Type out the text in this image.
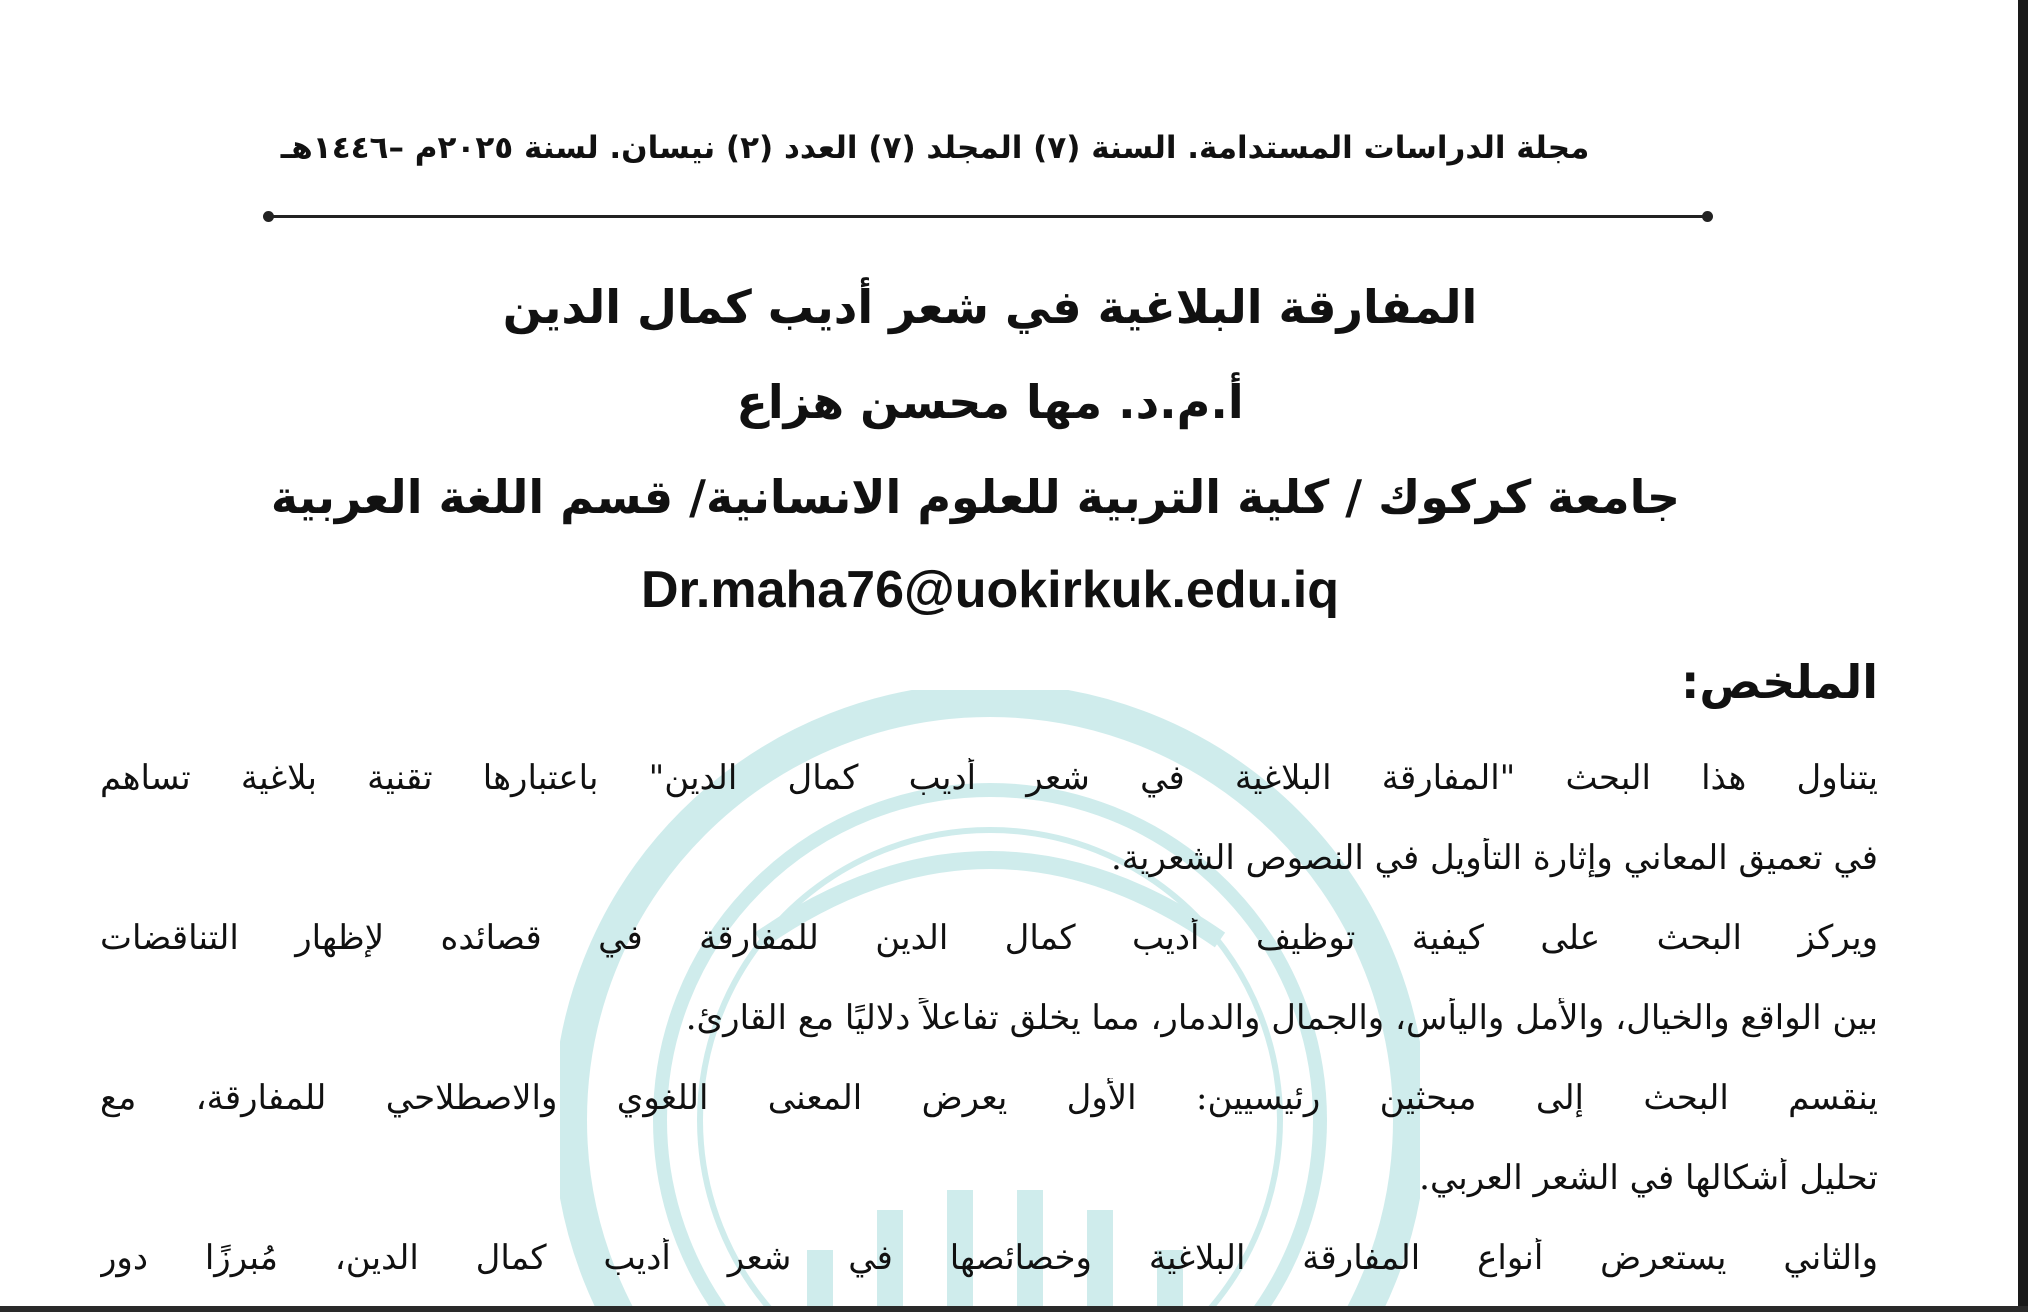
مجلة الدراسات المستدامة. السنة (٧) المجلد (٧) العدد (٢) نيسان. لسنة ٢٠٢٥م –١٤٤٦هـ
المفارقة البلاغية في شعر أديب كمال الدين
أ.م.د. مها محسن هزاع
جامعة كركوك / كلية التربية للعلوم الانسانية/ قسم اللغة العربية
Dr.maha76@uokirkuk.edu.iq
الملخص:
يتناول هذا البحث "المفارقة البلاغية في شعر أديب كمال الدين" باعتبارها تقنية بلاغية تساهم
في تعميق المعاني وإثارة التأويل في النصوص الشعرية.
ويركز البحث على كيفية توظيف أديب كمال الدين للمفارقة في قصائده لإظهار التناقضات
بين الواقع والخيال، والأمل واليأس، والجمال والدمار، مما يخلق تفاعلاً دلاليًا مع القارئ.
ينقسم البحث إلى مبحثين رئيسيين: الأول يعرض المعنى اللغوي والاصطلاحي للمفارقة، مع
تحليل أشكالها في الشعر العربي.
والثاني يستعرض أنواع المفارقة البلاغية وخصائصها في شعر أديب كمال الدين، مُبرزًا دور
